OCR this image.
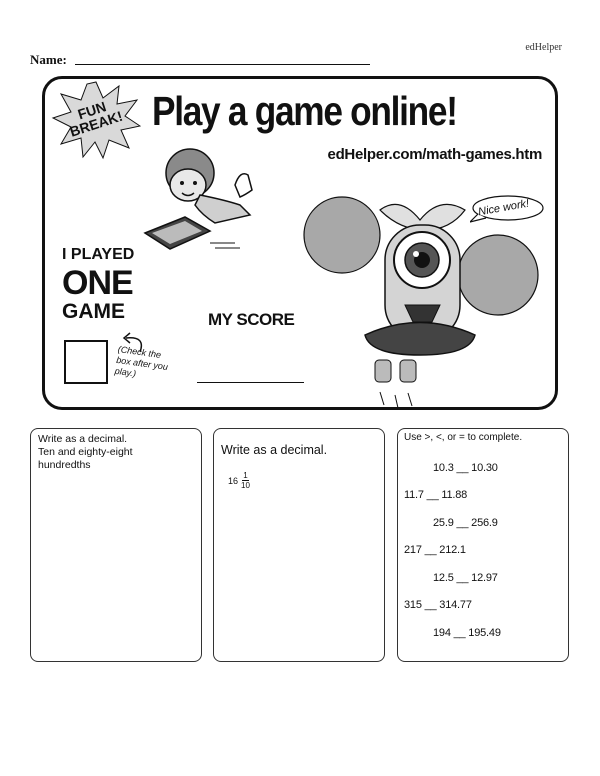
edHelper
Name:
FUN BREAK! Play a game online!
edHelper.com/math-games.htm
Nice work!
I PLAYED
ONE
GAME
(Check the box after you play.)
MY SCORE
Write as a decimal.
Ten and eighty-eight hundredths
Write as a decimal.
$16 \frac{1}{10}$
Use >, <, or = to complete.
10.3 __ 10.30
11.7 __ 11.88
25.9 __ 256.9
217 __ 212.1
12.5 __ 12.97
315 __ 314.77
194 __ 195.49
